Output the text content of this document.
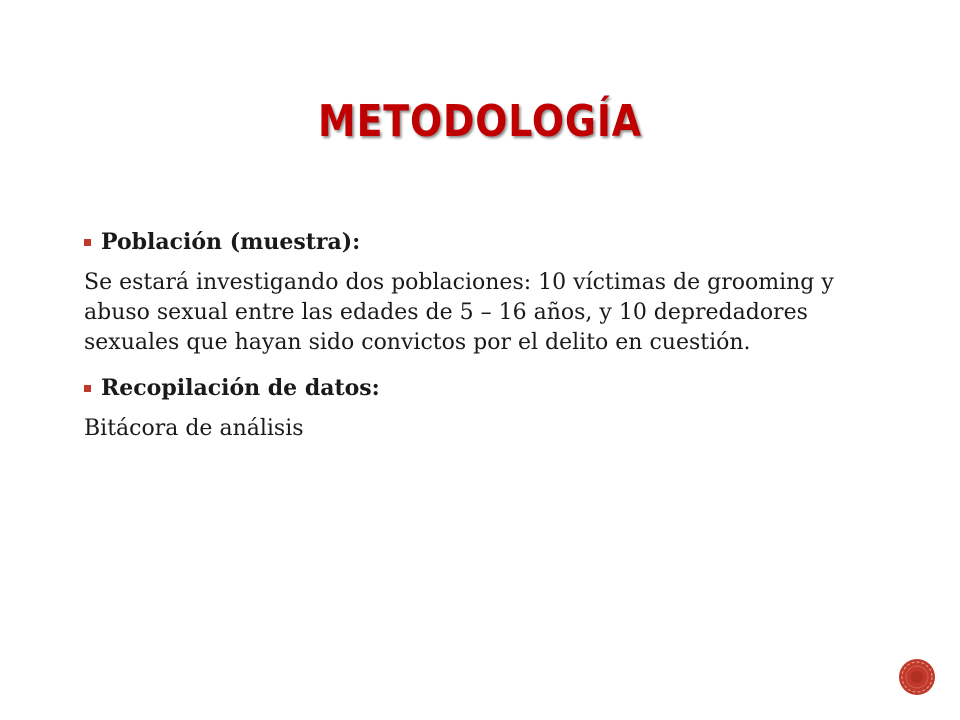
METODOLOGÍA
Población (muestra):

Se estará investigando dos poblaciones: 10 víctimas de grooming y abuso sexual entre las edades de 5 – 16 años, y 10 depredadores sexuales que hayan sido convictos por el delito en cuestión.

Recopilación de datos:

Bitácora de análisis
